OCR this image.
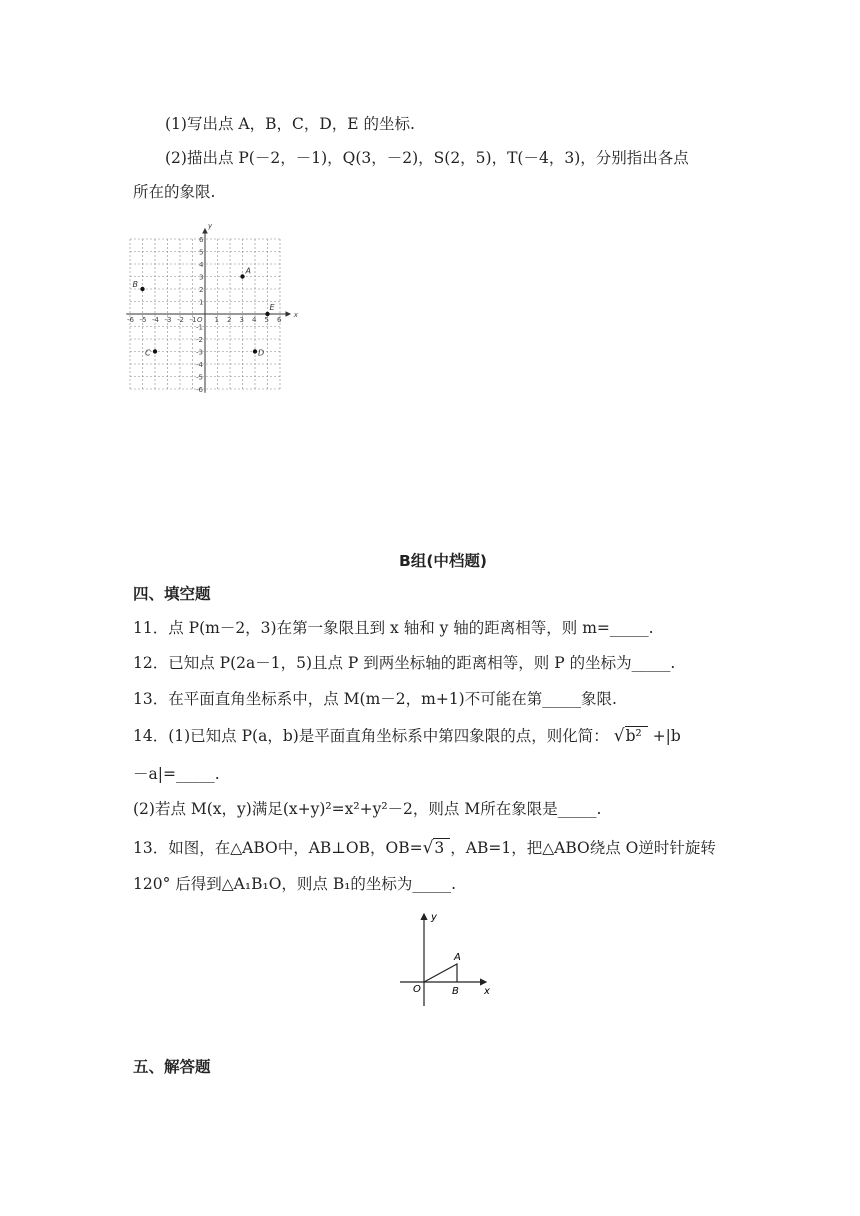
(1)写出点 A，B，C，D，E 的坐标.
(2)描出点 P(－2，－1)，Q(3，－2)，S(2，5)，T(－4，3)，分别指出各点
所在的象限.
x
y
O
-6 -5 -4 -3 -2 -1	1 2 3 4 5 6
6
5
4
3
2
1
-1
-2
-3
-4
-5
-6
A
B
C	D
E
B组(中档题)
四、填空题
11．点 P(m－2，3)在第一象限且到 x 轴和 y 轴的距离相等，则 m=_____.
12．已知点 P(2a－1，5)且点 P 到两坐标轴的距离相等，则 P 的坐标为_____.
13．在平面直角坐标系中，点 M(m－2，m+1)不可能在第_____象限.
14．(1)已知点 P(a，b)是平面直角坐标系中第四象限的点，则化简： √b² +|b
－a|=_____.
(2)若点 M(x，y)满足(x+y)²=x²+y²－2，则点 M所在象限是_____.
13．如图，在△ABO中，AB⊥OB，OB=√3 ，AB=1，把△ABO绕点 O逆时针旋转
120° 后得到△A₁B₁O，则点 B₁的坐标为_____.
y
x
O
A
B
五、解答题
